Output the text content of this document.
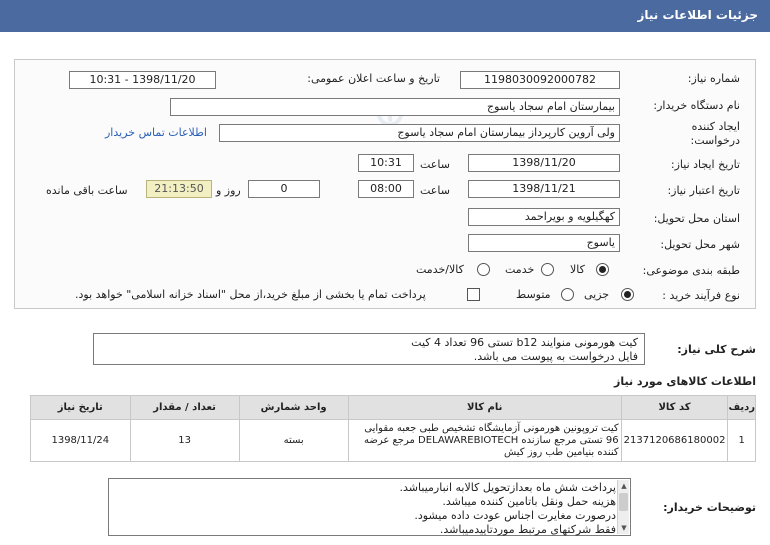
جزئیات اطلاعات نیاز
شماره نیاز:
1198030092000782
تاریخ و ساعت اعلان عمومی:
1398/11/20 - 10:31
نام دستگاه خریدار:
بیمارستان امام سجاد یاسوج
ایجاد کننده درخواست:
ولی آروین کارپرداز بیمارستان امام سجاد یاسوج
اطلاعات تماس خریدار
تاریخ ایجاد نیاز:
1398/11/20
ساعت
10:31
تاریخ اعتبار نیاز:
1398/11/21
ساعت
08:00
0
روز و
21:13:50
ساعت باقی مانده
استان محل تحویل:
کهگیلویه و بویراحمد
شهر محل تحویل:
یاسوج
طبقه بندی موضوعی:
کالا
خدمت
کالا/خدمت
نوع فرآیند خرید :
جزیی
متوسط
پرداخت تمام یا بخشی از مبلغ خرید،از محل "اسناد خزانه اسلامی" خواهد بود.
شرح کلی نیاز:
کیت هورمونی منوایند b12 تستی 96 تعداد 4 کیت
فایل درخواست به پیوست می باشد.
اطلاعات کالاهای مورد نیاز
ردیف	کد کالا	نام کالا	واحد شمارش	تعداد / مقدار	تاریخ نیاز
1	2137120686180002	کیت تروپونین هورمونی آزمایشگاه تشخیص طبی جعبه مقوایی 96 تستی مرجع سازنده DELAWAREBIOTECH مرجع عرضه کننده بنیامین طب روز کیش	بسته	13	1398/11/24
توضیحات خریدار:
پرداخت شش ماه بعدازتحویل کالابه انبارمیباشد.
هزینه حمل ونقل باتامین کننده میباشد.
درصورت مغایرت اجناس عودت داده میشود.
فقط شرکتهای مرتبط موردتاییدمیباشد.
▲
▼
